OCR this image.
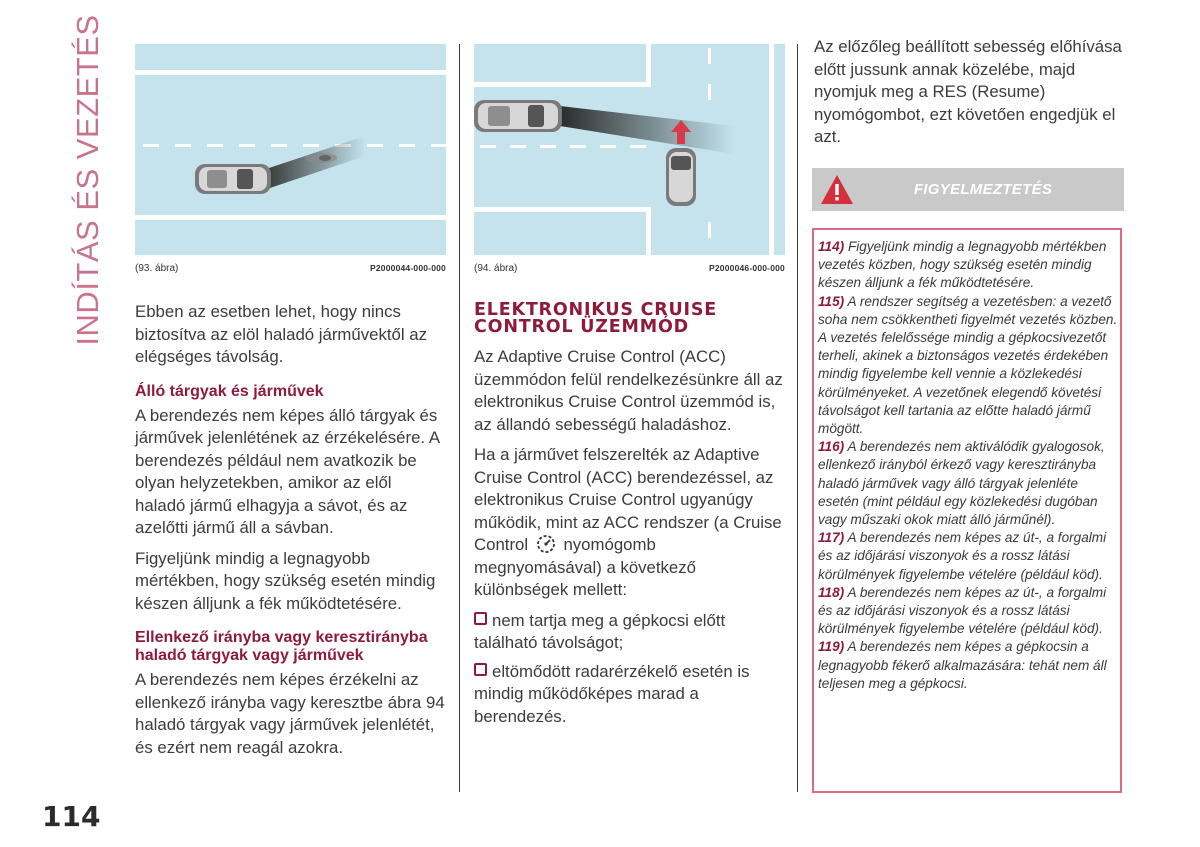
INDÍTÁS ÉS VEZETÉS
114
(93. ábra)	P2000044-000-000	(94. ábra)	P2000046-000-000

Ebben az esetben lehet, hogy nincs biztosítva az elöl haladó járművektől az elégséges távolság.

Álló tárgyak és járművek

A berendezés nem képes álló tárgyak és járművek jelenlétének az érzékelésére. A berendezés például nem avatkozik be olyan helyzetekben, amikor az elől haladó jármű elhagyja a sávot, és az azelőtti jármű áll a sávban.

Figyeljünk mindig a legnagyobb mértékben, hogy szükség esetén mindig készen álljunk a fék működtetésére.

Ellenkező irányba vagy keresztirányba haladó tárgyak vagy járművek

A berendezés nem képes érzékelni az ellenkező irányba vagy keresztbe ábra 94 haladó tárgyak vagy járművek jelenlétét, és ezért nem reagál azokra.

ELEKTRONIKUS CRUISE
CONTROL ÜZEMMÓD

Az Adaptive Cruise Control (ACC) üzemmódon felül rendelkezésünkre áll az elektronikus Cruise Control üzemmód is, az állandó sebességű haladáshoz.

Ha a járművet felszerelték az Adaptive Cruise Control (ACC) berendezéssel, az elektronikus Cruise Control ugyanúgy működik, mint az ACC rendszer (a Cruise Control nyomógomb megnyomásával) a következő különbségek mellett:

nem tartja meg a gépkocsi előtt található távolságot;
eltömődött radarérzékelő esetén is mindig működőképes marad a berendezés.

Az előzőleg beállított sebesség előhívása előtt jussunk annak közelébe, majd nyomjuk meg a RES (Resume) nyomógombot, ezt követően engedjük el azt.

FIGYELMEZTETÉS
114) Figyeljünk mindig a legnagyobb mértékben vezetés közben, hogy szükség esetén mindig készen álljunk a fék működtetésére.
115) A rendszer segítség a vezetésben: a vezető soha nem csökkentheti figyelmét vezetés közben. A vezetés felelőssége mindig a gépkocsivezetőt terheli, akinek a biztonságos vezetés érdekében mindig figyelembe kell vennie a közlekedési körülményeket. A vezetőnek elegendő követési távolságot kell tartania az előtte haladó jármű mögött.
116) A berendezés nem aktiválódik gyalogosok, ellenkező irányból érkező vagy keresztirányba haladó járművek vagy álló tárgyak jelenléte esetén (mint például egy közlekedési dugóban vagy műszaki okok miatt álló járműnél).
117) A berendezés nem képes az út-, a forgalmi és az időjárási viszonyok és a rossz látási körülmények figyelembe vételére (például köd).
118) A berendezés nem képes az út-, a forgalmi és az időjárási viszonyok és a rossz látási körülmények figyelembe vételére (például köd).
119) A berendezés nem képes a gépkocsin a legnagyobb fékerő alkalmazására: tehát nem áll teljesen meg a gépkocsi.
